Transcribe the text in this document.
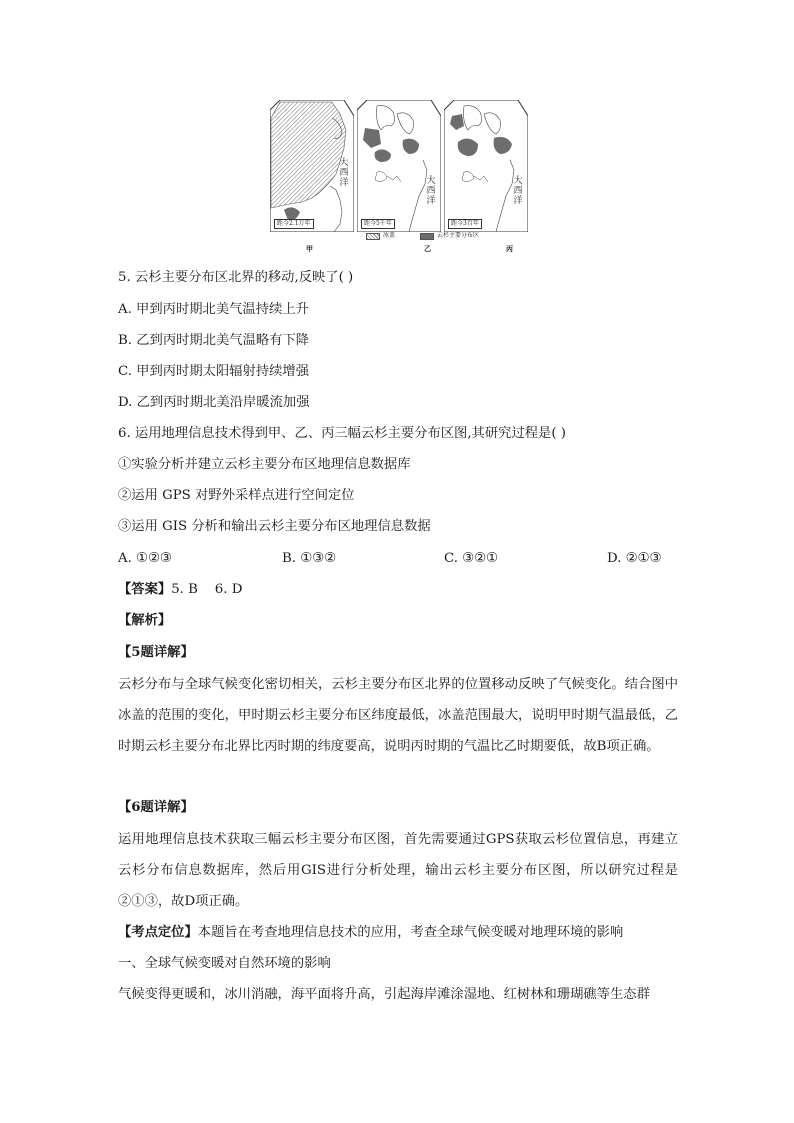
距今2.1万年	距今5千年	距今3百年
大西洋	大西洋
大西洋
冰盖	云杉主要分布区
甲	乙	丙
5. 云杉主要分布区北界的移动,反映了( )
A. 甲到丙时期北美气温持续上升
B. 乙到丙时期北美气温略有下降
C. 甲到丙时期太阳辐射持续增强
D. 乙到丙时期北美沿岸暖流加强
6. 运用地理信息技术得到甲、乙、丙三幅云杉主要分布区图,其研究过程是( )
①实验分析并建立云杉主要分布区地理信息数据库
②运用 GPS 对野外采样点进行空间定位
③运用 GIS 分析和输出云杉主要分布区地理信息数据
A. ①②③	B. ①③②	C. ③②①	D. ②①③
【答案】5. B    6. D
【解析】
【5题详解】
云杉分布与全球气候变化密切相关，云杉主要分布区北界的位置移动反映了气候变化。结合图中冰盖的范围的变化，甲时期云杉主要分布区纬度最低，冰盖范围最大，说明甲时期气温最低，乙时期云杉主要分布北界比丙时期的纬度要高，说明丙时期的气温比乙时期要低，故B项正确。
【6题详解】
运用地理信息技术获取三幅云杉主要分布区图，首先需要通过GPS获取云杉位置信息，再建立云杉分布信息数据库，然后用GIS进行分析处理，输出云杉主要分布区图，所以研究过程是②①③，故D项正确。
【考点定位】本题旨在考查地理信息技术的应用，考查全球气候变暖对地理环境的影响
一、全球气候变暖对自然环境的影响
气候变得更暖和，冰川消融，海平面将升高，引起海岸滩涂湿地、红树林和珊瑚礁等生态群
